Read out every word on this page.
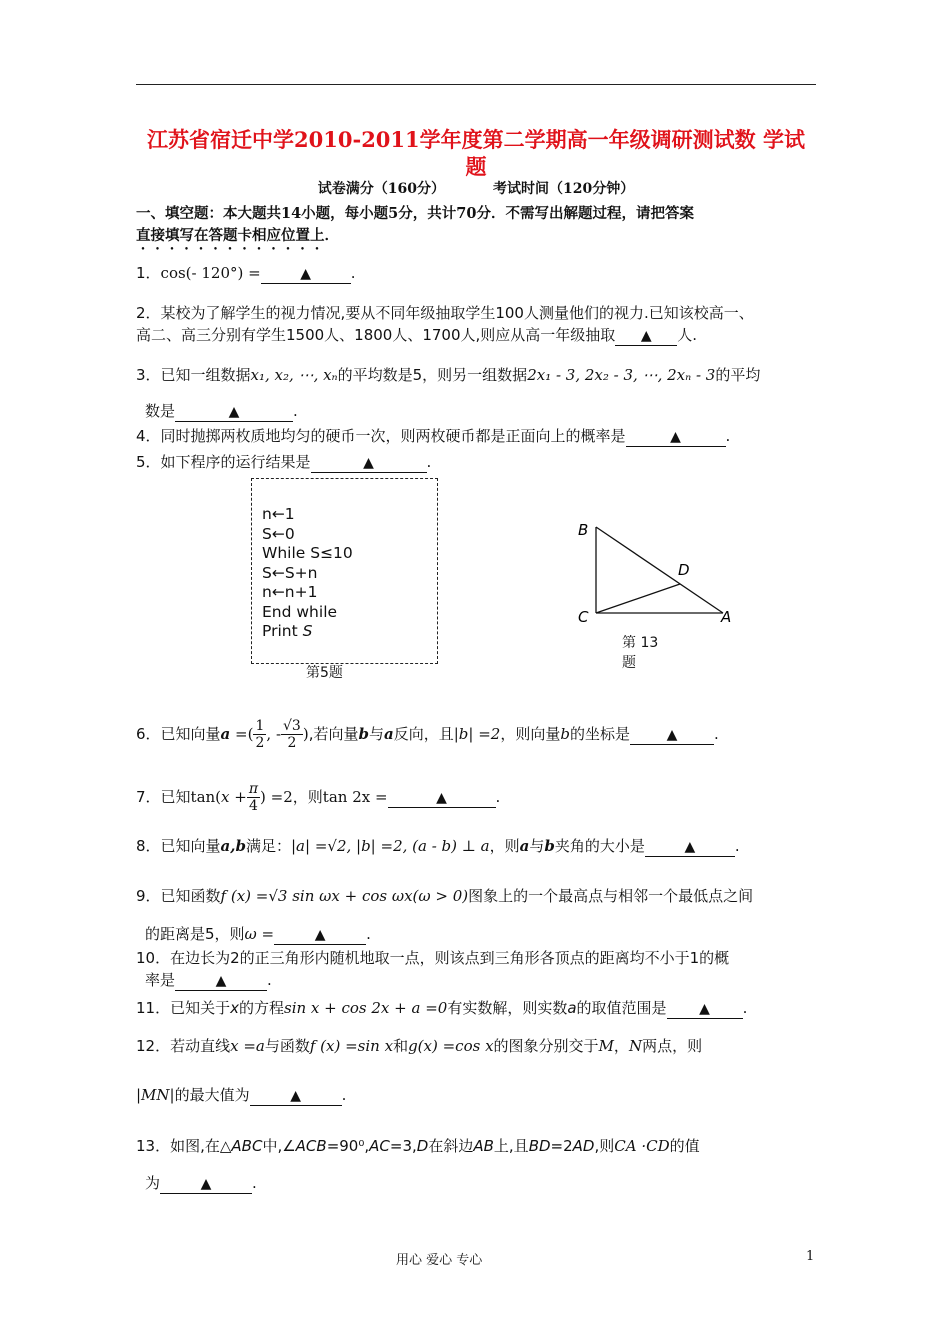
江苏省宿迁中学2010-2011学年度第二学期高一年级调研测试数 学试 题
试卷满分（160分）	考试时间（120分钟）
一、填空题：本大题共14小题，每小题5分，共计70分．不需写出解题过程，请把答案
直接填写在答题卡相应位置上．
1．cos(- 120°) =	▲	.
2．某校为了解学生的视力情况,要从不同年级抽取学生100人测量他们的视力.已知该校高一、
高二、高三分别有学生1500人、1800人、1700人,则应从高一年级抽取 ▲ 人.
3．已知一组数据x₁, x₂, ⋯, xₙ的平均数是5，则另一组数据2x₁ - 3, 2x₂ - 3, ⋯, 2xₙ - 3的平均
数是	▲	.
4．同时抛掷两枚质地均匀的硬币一次，则两枚硬币都是正面向上的概率是	▲	.
5．如下程序的运行结果是	▲	.
n←1
S←0
While S≤10
S←S+n
n←n+1
End while
Print S
第5题
B
D
C	A
第 13
题
6．已知向量a =( $\frac{1}{2}$ , - $\frac{√3}{2}$ ),若向量b与a反向，且|b| =2，则向量b的坐标是	▲ .
7．已知$\tan(x + \frac{\pi}{4}$ ) =2，则tan 2x =	▲	.
8．已知向量a,b满足：|a| =√2, |b| =2, (a - b) ⊥ a，则a与b夹角的大小是	▲	.
9．已知函数f (x) =√3 sin ωx + cos ωx(ω > 0)图象上的一个最高点与相邻一个最低点之间
的距离是5，则ω =	▲	.
10．在边长为2的正三角形内随机地取一点，则该点到三角形各顶点的距离均不小于1的概
率是	▲	.
11．已知关于x的方程sin x + cos 2x + a =0有实数解，则实数a的取值范围是 ▲ .
12．若动直线x =a与函数f (x) =sin x和g(x) =cos x的图象分别交于M，N两点，则
|MN|的最大值为	▲	.
13．如图,在△ABC中,∠ACB=90⁰,AC=3,D在斜边AB上,且BD=2AD,则CA ·CD的值
为	▲	.
用心 爱心 专心	1
